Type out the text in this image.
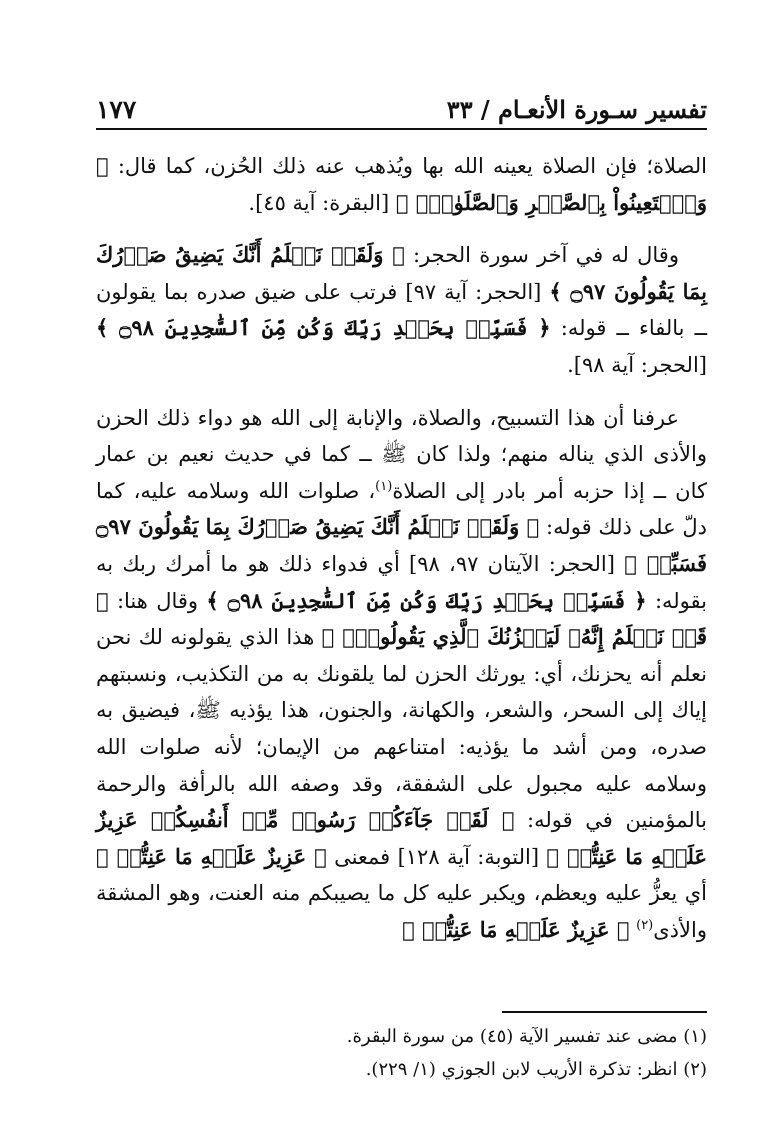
تفسير سـورة الأنعـام / ٣٣
١٧٧

الصلاة؛ فإن الصلاة يعينه الله بها ويُذهب عنه ذلك الحُزن، كما قال: ﴿ وَٱسۡتَعِينُواْ بِٱلصَّبۡرِ وَٱلصَّلَوٰةِۚ ﴾ [البقرة: آية ٤٥].

وقال له في آخر سورة الحجر: ﴿ وَلَقَدۡ نَعۡلَمُ أَنَّكَ يَضِيقُ صَدۡرُكَ بِمَا يَقُولُونَ ۝٩٧ ﴾ [الحجر: آية ٩٧] فرتب على ضيق صدره بما يقولون ــ بالفاء ــ قوله: ﴿ فَسَبِّحۡ بِحَمۡدِ رَبِّكَ وَكُن مِّنَ ٱلسَّٰجِدِينَ ۝٩٨ ﴾ [الحجر: آية ٩٨].

عرفنا أن هذا التسبيح، والصلاة، والإنابة إلى الله هو دواء ذلك الحزن والأذى الذي يناله منهم؛ ولذا كان ﷺ ــ كما في حديث نعيم بن عمار كان ــ إذا حزبه أمر بادر إلى الصلاة$^{(١)}$، صلوات الله وسلامه عليه، كما دلّ على ذلك قوله: ﴿ وَلَقَدۡ نَعۡلَمُ أَنَّكَ يَضِيقُ صَدۡرُكَ بِمَا يَقُولُونَ ۝٩٧ فَسَبِّحۡ ﴾ [الحجر: الآيتان ٩٧، ٩٨] أي فدواء ذلك هو ما أمرك ربك به بقوله: ﴿ فَسَبِّحۡ بِحَمۡدِ رَبِّكَ وَكُن مِّنَ ٱلسَّٰجِدِينَ ۝٩٨ ﴾ وقال هنا: ﴿ قَدۡ نَعۡلَمُ إِنَّهُۥ لَيَحۡزُنُكَ ٱلَّذِي يَقُولُونَۖ ﴾ هذا الذي يقولونه لك نحن نعلم أنه يحزنك، أي: يورثك الحزن لما يلقونك به من التكذيب، ونسبتهم إياك إلى السحر، والشعر، والكهانة، والجنون، هذا يؤذيه ﷺ، فيضيق به صدره، ومن أشد ما يؤذيه: امتناعهم من الإيمان؛ لأنه صلوات الله وسلامه عليه مجبول على الشفقة، وقد وصفه الله بالرأفة والرحمة بالمؤمنين في قوله: ﴿ لَقَدۡ جَآءَكُمۡ رَسُولٞ مِّنۡ أَنفُسِكُمۡ عَزِيزٌ عَلَيۡهِ مَا عَنِتُّمۡ ﴾ [التوبة: آية ١٢٨] فمعنى ﴿ عَزِيزٌ عَلَيۡهِ مَا عَنِتُّمۡ ﴾ أي يعزُّ عليه ويعظم، ويكبر عليه كل ما يصيبكم منه العنت، وهو المشقة والأذى$^{(٢)}$ ﴿ عَزِيزٌ عَلَيۡهِ مَا عَنِتُّمۡ ﴾

(١) مضى عند تفسير الآية (٤٥) من سورة البقرة.
(٢) انظر: تذكرة الأريب لابن الجوزي (١/ ٢٢٩).
